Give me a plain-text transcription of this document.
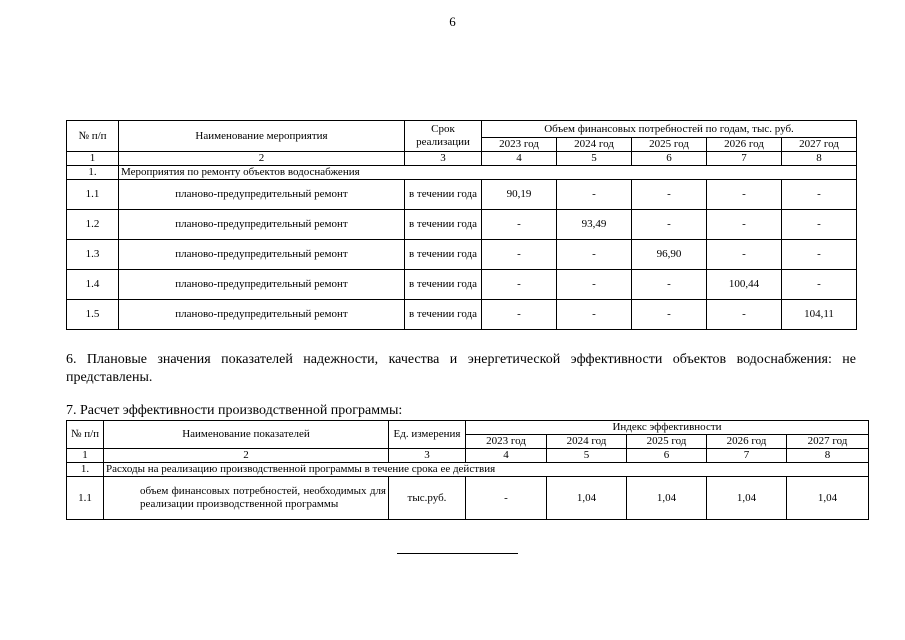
6
№ п/п	Наименование мероприятия	Срок реализации	Объем финансовых потребностей по годам, тыс. руб.				
			2023 год	2024 год	2025 год	2026 год	2027 год
1	2	3	4	5	6	7	8
1.	Мероприятия по ремонту объектов водоснабжения						
1.1	планово-предупредительный ремонт	в течении года	90,19	-	-	-	-
1.2	планово-предупредительный ремонт	в течении года	-	93,49	-	-	-
1.3	планово-предупредительный ремонт	в течении года	-	-	96,90	-	-
1.4	планово-предупредительный ремонт	в течении года	-	-	-	100,44	-
1.5	планово-предупредительный ремонт	в течении года	-	-	-	-	104,11
6. Плановые значения показателей надежности, качества и энергетической эффективности объектов водоснабжения: не представлены.
7. Расчет эффективности производственной программы:
№ п/п	Наименование показателей	Ед. измерения	Индекс эффективности				
			2023 год	2024 год	2025 год	2026 год	2027 год
1	2	3	4	5	6	7	8
1.	Расходы на реализацию производственной программы в течение срока ее действия						
1.1	объем финансовых потребностей, необходимых для реализации производственной программы	тыс.руб.	-	1,04	1,04	1,04	1,04
